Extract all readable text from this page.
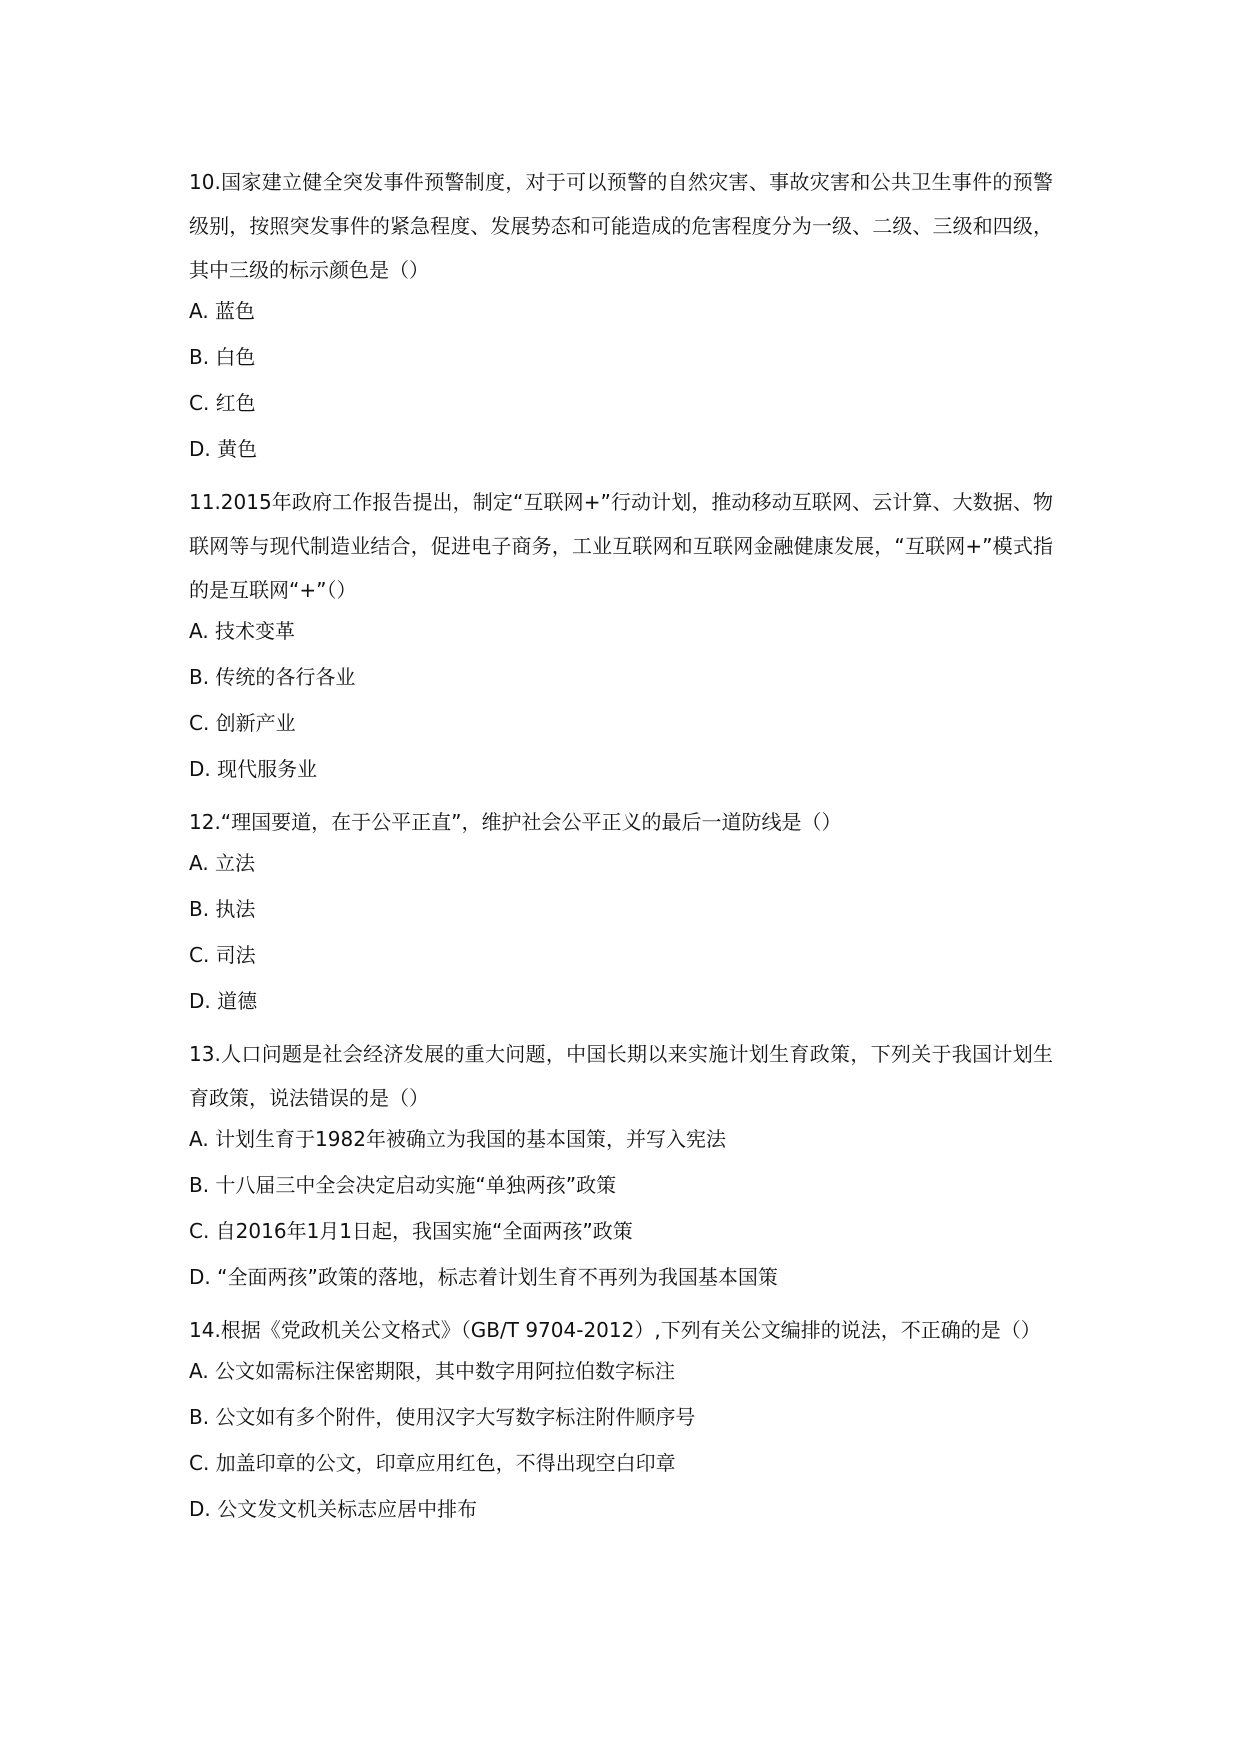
10.国家建立健全突发事件预警制度，对于可以预警的自然灾害、事故灾害和公共卫生事件的预警级别，按照突发事件的紧急程度、发展势态和可能造成的危害程度分为一级、二级、三级和四级，其中三级的标示颜色是（）

A. 蓝色
B. 白色
C. 红色
D. 黄色

11.2015年政府工作报告提出，制定“互联网+”行动计划，推动移动互联网、云计算、大数据、物联网等与现代制造业结合，促进电子商务，工业互联网和互联网金融健康发展，“互联网+”模式指的是互联网“+”（）

A. 技术变革
B. 传统的各行各业
C. 创新产业
D. 现代服务业

12.“理国要道，在于公平正直”，维护社会公平正义的最后一道防线是（）

A. 立法
B. 执法
C. 司法
D. 道德

13.人口问题是社会经济发展的重大问题，中国长期以来实施计划生育政策，下列关于我国计划生育政策，说法错误的是（）

A. 计划生育于1982年被确立为我国的基本国策，并写入宪法
B. 十八届三中全会决定启动实施“单独两孩”政策
C. 自2016年1月1日起，我国实施“全面两孩”政策
D. “全面两孩”政策的落地，标志着计划生育不再列为我国基本国策

14.根据《党政机关公文格式》（GB/T 9704-2012）,下列有关公文编排的说法，不正确的是（）

A. 公文如需标注保密期限，其中数字用阿拉伯数字标注
B. 公文如有多个附件，使用汉字大写数字标注附件顺序号
C. 加盖印章的公文，印章应用红色，不得出现空白印章
D. 公文发文机关标志应居中排布
